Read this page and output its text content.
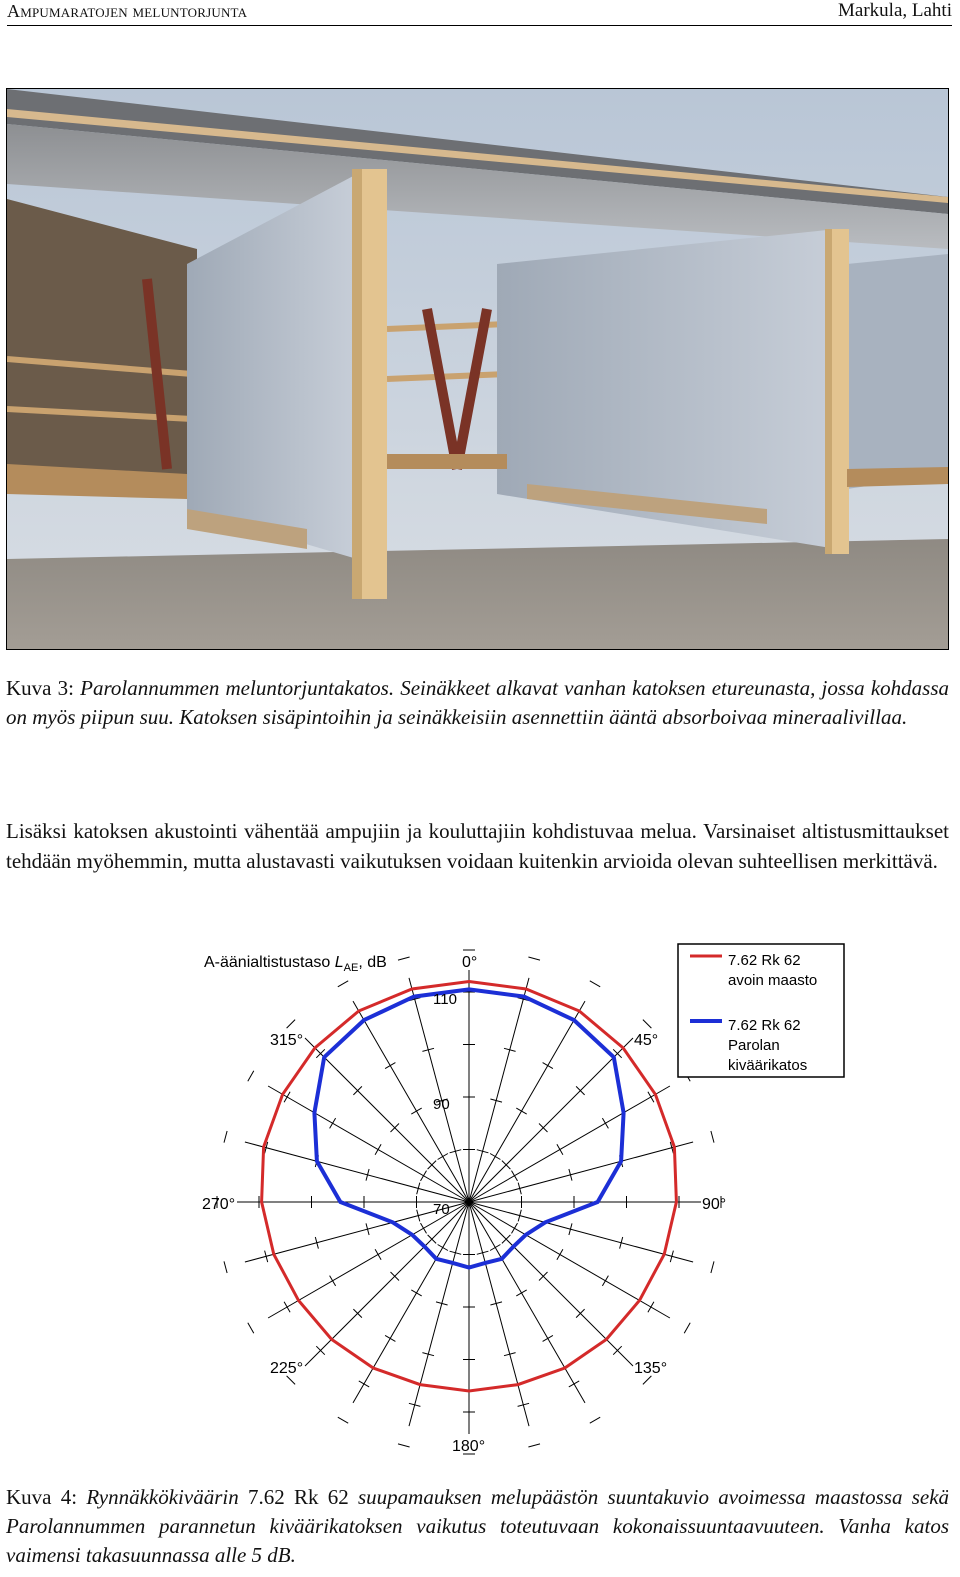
Ampumaratojen meluntorjunta	Markula, Lahti
Kuva 3: Parolannummen meluntorjuntakatos. Seinäkkeet alkavat vanhan katoksen etureunasta, jossa kohdassa on myös piipun suu. Katoksen sisäpintoihin ja seinäkkeisiin asennettiin ääntä absorboivaa mineraalivillaa.
Lisäksi katoksen akustointi vähentää ampujiin ja kouluttajiin kohdistuvaa melua. Varsinaiset altistusmittaukset tehdään myöhemmin, mutta alustavasti vaikutuksen voidaan kuitenkin arvioida olevan suhteellisen merkittävä.
A-äänialtistustaso $L_{AE}$, dB
110
90
70
0°
45°
90°
135°
180°
225°
270°
315°
7.62 Rk 62
avoin maasto
7.62 Rk 62
Parolan
kiväärikatos
Kuva 4: Rynnäkkökiväärin 7.62 Rk 62 suupamauksen melupäästön suuntakuvio avoimessa maastossa sekä Parolannummen parannetun kiväärikatoksen vaikutus toteutuvaan kokonaissuuntaavuuteen. Vanha katos vaimensi takasuunnassa alle 5 dB.
